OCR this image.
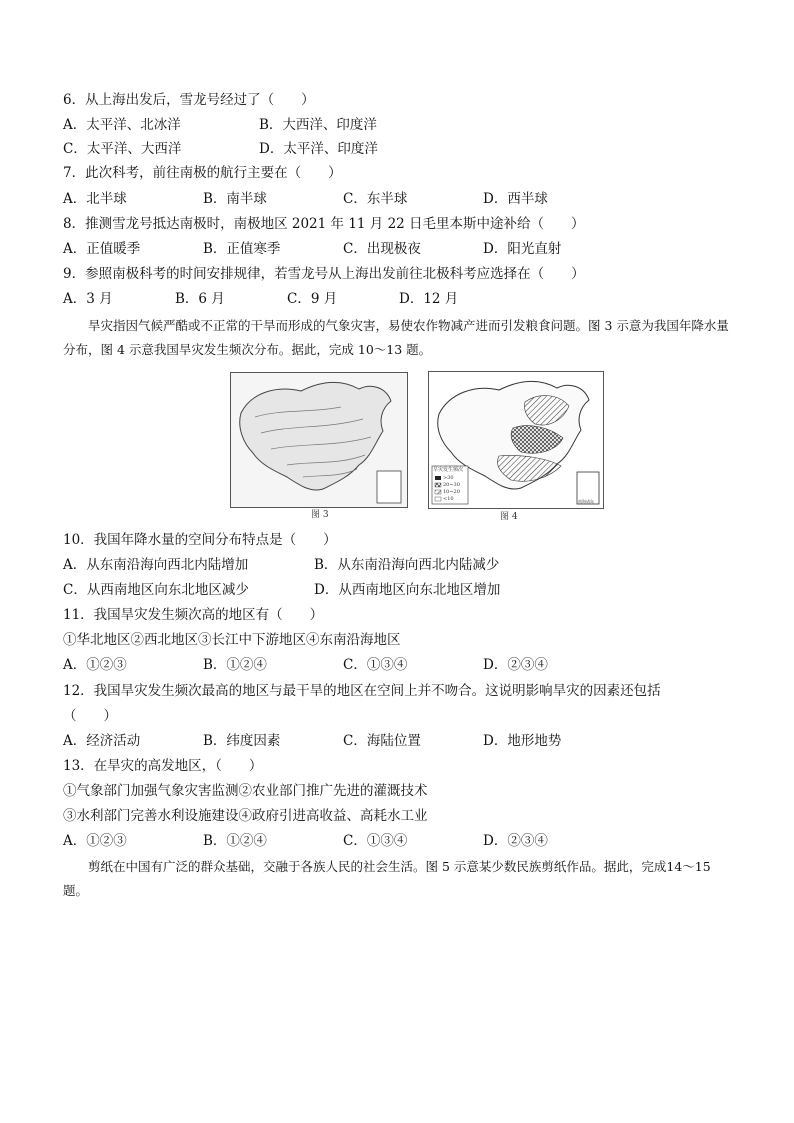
6．从上海出发后，雪龙号经过了（　　）
A．太平洋、北冰洋	B．大西洋、印度洋
C．太平洋、大西洋	D．太平洋、印度洋
7．此次科考，前往南极的航行主要在（　　）
A．北半球	B．南半球	C．东半球	D．西半球
8．推测雪龙号抵达南极时，南极地区 2021 年 11 月 22 日毛里本斯中途补给（　　）
A．正值暖季	B．正值寒季	C．出现极夜	D．阳光直射
9．参照南极科考的时间安排规律，若雪龙号从上海出发前往北极科考应选择在（　　）
A．3 月	B．6 月	C．9 月	D．12 月
旱灾指因气候严酷或不正常的干旱而形成的气象灾害，易使农作物减产进而引发粮食问题。图 3 示意为我国年降水量分布，图 4 示意我国旱灾发生频次分布。据此，完成 10～13 题。
图 3
旱灾发生频次
>30
20~30
10~20
<10	南海诸岛
图 4
10．我国年降水量的空间分布特点是（　　）
A．从东南沿海向西北内陆增加	B．从东南沿海向西北内陆减少
C．从西南地区向东北地区减少	D．从西南地区向东北地区增加
11．我国旱灾发生频次高的地区有（　　）
①华北地区②西北地区③长江中下游地区④东南沿海地区
A．①②③	B．①②④	C．①③④	D．②③④
12．我国旱灾发生频次最高的地区与最干旱的地区在空间上并不吻合。这说明影响旱灾的因素还包括
（　　）
A．经济活动	B．纬度因素	C．海陆位置	D．地形地势
13．在旱灾的高发地区，（　　）
①气象部门加强气象灾害监测②农业部门推广先进的灌溉技术
③水利部门完善水利设施建设④政府引进高收益、高耗水工业
A．①②③	B．①②④	C．①③④	D．②③④
剪纸在中国有广泛的群众基础，交融于各族人民的社会生活。图 5 示意某少数民族剪纸作品。据此，完成14～15 题。
